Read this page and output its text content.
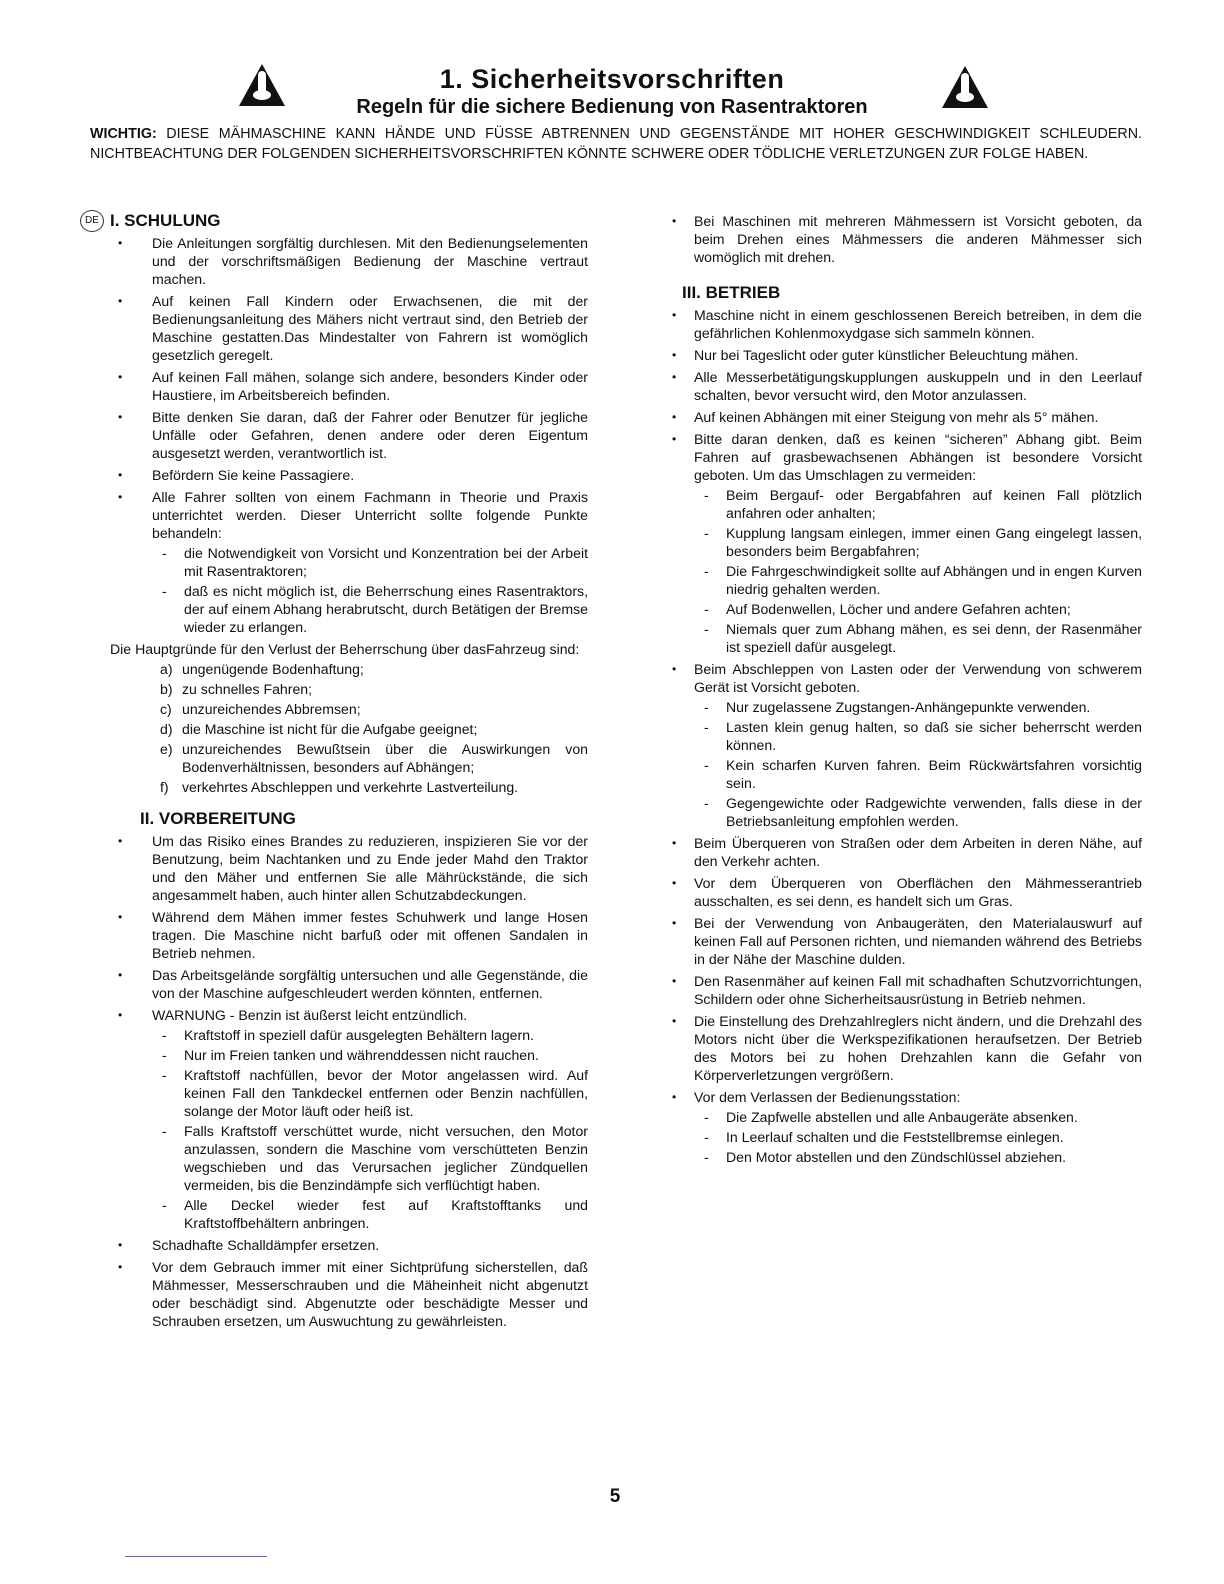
1. Sicherheitsvorschriften
Regeln für die sichere Bedienung von Rasentraktoren
WICHTIG: DIESE MÄHMASCHINE KANN HÄNDE UND FÜSSE ABTRENNEN UND GEGENSTÄNDE MIT HOHER GESCHWINDIGKEIT SCHLEUDERN. NICHTBEACHTUNG DER FOLGENDEN SICHERHEITSVORSCHRIFTEN KÖNNTE SCHWERE ODER TÖDLICHE VERLETZUNGEN ZUR FOLGE HABEN.
DE I. SCHULUNG
• Die Anleitungen sorgfältig durchlesen. Mit den Bedienungselementen und der vorschriftsmäßigen Bedienung der Maschine vertraut machen.
• Auf keinen Fall Kindern oder Erwachsenen, die mit der Bedienungsanleitung des Mähers nicht vertraut sind, den Betrieb der Maschine gestatten.Das Mindestalter von Fahrern ist womöglich gesetzlich geregelt.
• Auf keinen Fall mähen, solange sich andere, besonders Kinder oder Haustiere, im Arbeitsbereich befinden.
• Bitte denken Sie daran, daß der Fahrer oder Benutzer für jegliche Unfälle oder Gefahren, denen andere oder deren Eigentum ausgesetzt werden, verantwortlich ist.
• Befördern Sie keine Passagiere.
• Alle Fahrer sollten von einem Fachmann in Theorie und Praxis unterrichtet werden. Dieser Unterricht sollte folgende Punkte behandeln:
- die Notwendigkeit von Vorsicht und Konzentration bei der Arbeit mit Rasentraktoren;
- daß es nicht möglich ist, die Beherrschung eines Rasentraktors, der auf einem Abhang herabrutscht, durch Betätigen der Bremse wieder zu erlangen.

Die Hauptgründe für den Verlust der Beherrschung über dasFahrzeug sind:

a) ungenügende Bodenhaftung;
b) zu schnelles Fahren;
c) unzureichendes Abbremsen;
d) die Maschine ist nicht für die Aufgabe geeignet;
e) unzureichendes Bewußtsein über die Auswirkungen von Bodenverhältnissen, besonders auf Abhängen;
f) verkehrtes Abschleppen und verkehrte Lastverteilung.
II. VORBEREITUNG
• Um das Risiko eines Brandes zu reduzieren, inspizieren Sie vor der Benutzung, beim Nachtanken und zu Ende jeder Mahd den Traktor und den Mäher und entfernen Sie alle Mährückstände, die sich angesammelt haben, auch hinter allen Schutzabdeckungen.
• Während dem Mähen immer festes Schuhwerk und lange Hosen tragen. Die Maschine nicht barfuß oder mit offenen Sandalen in Betrieb nehmen.
• Das Arbeitsgelände sorgfältig untersuchen und alle Gegenstände, die von der Maschine aufgeschleudert werden könnten, entfernen.
• WARNUNG - Benzin ist äußerst leicht entzündlich.
- Kraftstoff in speziell dafür ausgelegten Behältern lagern.
- Nur im Freien tanken und währenddessen nicht rauchen.
- Kraftstoff nachfüllen, bevor der Motor angelassen wird. Auf keinen Fall den Tankdeckel entfernen oder Benzin nachfüllen, solange der Motor läuft oder heiß ist.
- Falls Kraftstoff verschüttet wurde, nicht versuchen, den Motor anzulassen, sondern die Maschine vom verschütteten Benzin wegschieben und das Verursachen jeglicher Zündquellen vermeiden, bis die Benzindämpfe sich verflüchtigt haben.
- Alle Deckel wieder fest auf Kraftstofftanks und Kraftstoffbehältern anbringen.
• Schadhafte Schalldämpfer ersetzen.
• Vor dem Gebrauch immer mit einer Sichtprüfung sicherstellen, daß Mähmesser, Messerschrauben und die Mäheinheit nicht abgenutzt oder beschädigt sind. Abgenutzte oder beschädigte Messer und Schrauben ersetzen, um Auswuchtung zu gewährleisten.
• Bei Maschinen mit mehreren Mähmessern ist Vorsicht geboten, da beim Drehen eines Mähmessers die anderen Mähmesser sich womöglich mit drehen.
III. BETRIEB
• Maschine nicht in einem geschlossenen Bereich betreiben, in dem die gefährlichen Kohlenmoxydgase sich sammeln können.
• Nur bei Tageslicht oder guter künstlicher Beleuchtung mähen.
• Alle Messerbetätigungskupplungen auskuppeln und in den Leerlauf schalten, bevor versucht wird, den Motor anzulassen.
• Auf keinen Abhängen mit einer Steigung von mehr als 5° mähen.
• Bitte daran denken, daß es keinen “sicheren” Abhang gibt. Beim Fahren auf grasbewachsenen Abhängen ist besondere Vorsicht geboten. Um das Umschlagen zu vermeiden:
- Beim Bergauf- oder Bergabfahren auf keinen Fall plötzlich anfahren oder anhalten;
- Kupplung langsam einlegen, immer einen Gang eingelegt lassen, besonders beim Bergabfahren;
- Die Fahrgeschwindigkeit sollte auf Abhängen und in engen Kurven niedrig gehalten werden.
- Auf Bodenwellen, Löcher und andere Gefahren achten;
- Niemals quer zum Abhang mähen, es sei denn, der Rasenmäher ist speziell dafür ausgelegt.
• Beim Abschleppen von Lasten oder der Verwendung von schwerem Gerät ist Vorsicht geboten.
- Nur zugelassene Zugstangen-Anhängepunkte verwenden.
- Lasten klein genug halten, so daß sie sicher beherrscht werden können.
- Kein scharfen Kurven fahren. Beim Rückwärtsfahren vorsichtig sein.
- Gegengewichte oder Radgewichte verwenden, falls diese in der Betriebsanleitung empfohlen werden.
• Beim Überqueren von Straßen oder dem Arbeiten in deren Nähe, auf den Verkehr achten.
• Vor dem Überqueren von Oberflächen den Mähmesserantrieb ausschalten, es sei denn, es handelt sich um Gras.
• Bei der Verwendung von Anbaugeräten, den Materialauswurf auf keinen Fall auf Personen richten, und niemanden während des Betriebs in der Nähe der Maschine dulden.
• Den Rasenmäher auf keinen Fall mit schadhaften Schutzvorrichtungen, Schildern oder ohne Sicherheitsausrüstung in Betrieb nehmen.
• Die Einstellung des Drehzahlreglers nicht ändern, und die Drehzahl des Motors nicht über die Werkspezifikationen heraufsetzen. Der Betrieb des Motors bei zu hohen Drehzahlen kann die Gefahr von Körperverletzungen vergrößern.
• Vor dem Verlassen der Bedienungsstation:
- Die Zapfwelle abstellen und alle Anbaugeräte absenken.
- In Leerlauf schalten und die Feststellbremse einlegen.
- Den Motor abstellen und den Zündschlüssel abziehen.
5
